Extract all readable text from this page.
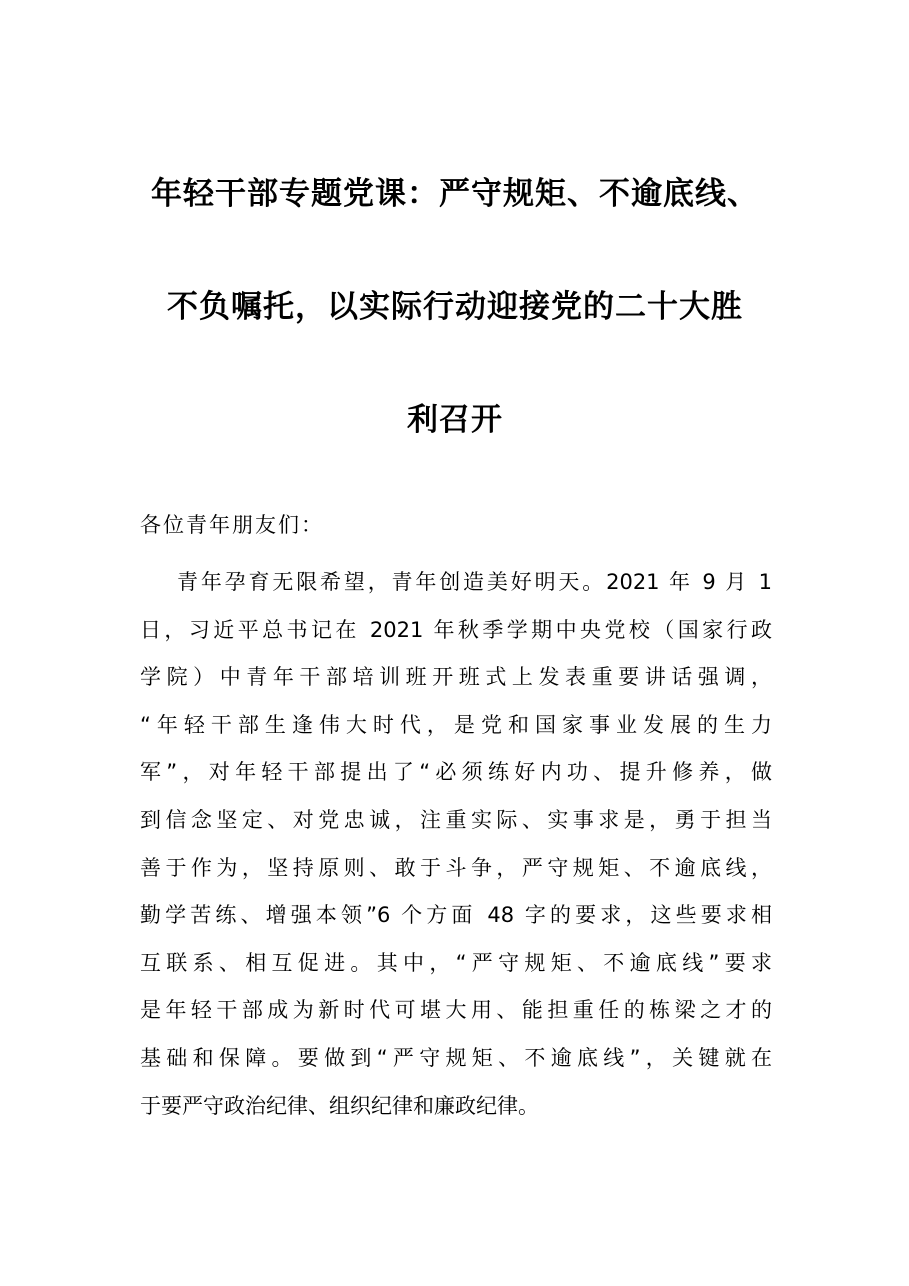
年轻干部专题党课：严守规矩、不逾底线、
不负嘱托，以实际行动迎接党的二十大胜
利召开

各位青年朋友们：

青年孕育无限希望，青年创造美好明天。2021 年 9 月 1
日，习近平总书记在 2021 年秋季学期中央党校（国家行政
学院）中青年干部培训班开班式上发表重要讲话强调，
“年轻干部生逢伟大时代，是党和国家事业发展的生力
军”，对年轻干部提出了“必须练好内功、提升修养，做
到信念坚定、对党忠诚，注重实际、实事求是，勇于担当
善于作为，坚持原则、敢于斗争，严守规矩、不逾底线，
勤学苦练、增强本领”6 个方面 48 字的要求，这些要求相
互联系、相互促进。其中，“严守规矩、不逾底线”要求
是年轻干部成为新时代可堪大用、能担重任的栋梁之才的
基础和保障。要做到“严守规矩、不逾底线”，关键就在
于要严守政治纪律、组织纪律和廉政纪律。
